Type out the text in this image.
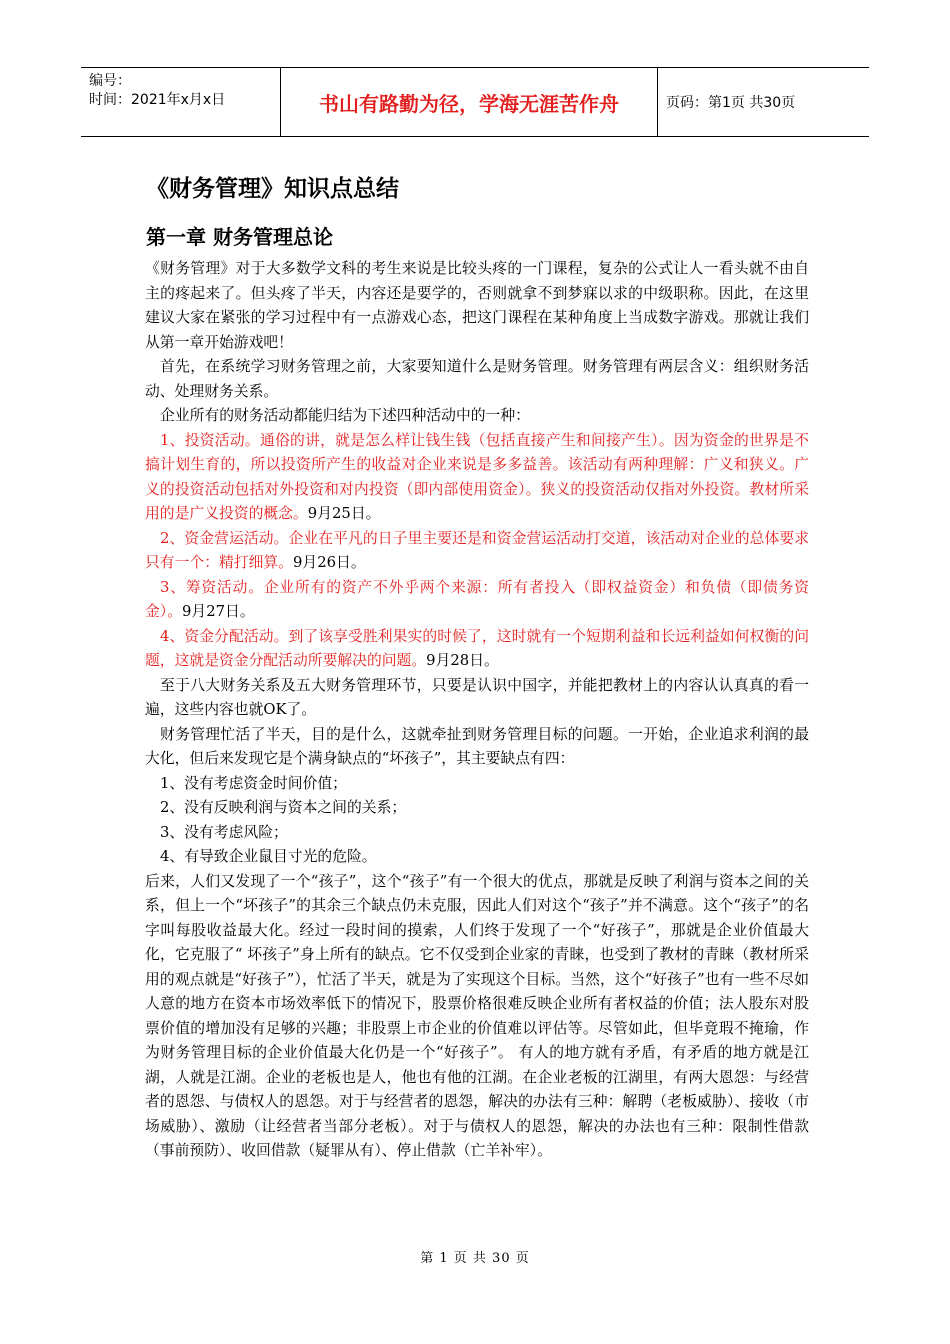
编号：
时间：2021年x月x日	书山有路勤为径，学海无涯苦作舟	页码：第1页 共30页
《财务管理》知识点总结
第一章 财务管理总论

《财务管理》对于大多数学文科的考生来说是比较头疼的一门课程，复杂的公式让人一看头就不由自主的疼起来了。但头疼了半天，内容还是要学的，否则就拿不到梦寐以求的中级职称。因此，在这里建议大家在紧张的学习过程中有一点游戏心态，把这门课程在某种角度上当成数字游戏。那就让我们从第一章开始游戏吧！

首先，在系统学习财务管理之前，大家要知道什么是财务管理。财务管理有两层含义：组织财务活动、处理财务关系。

企业所有的财务活动都能归结为下述四种活动中的一种：

1、投资活动。通俗的讲，就是怎么样让钱生钱（包括直接产生和间接产生）。因为资金的世界是不搞计划生育的，所以投资所产生的收益对企业来说是多多益善。该活动有两种理解：广义和狭义。广义的投资活动包括对外投资和对内投资（即内部使用资金）。狭义的投资活动仅指对外投资。教材所采用的是广义投资的概念。9月25日。

2、资金营运活动。企业在平凡的日子里主要还是和资金营运活动打交道，该活动对企业的总体要求只有一个：精打细算。9月26日。

3、筹资活动。企业所有的资产不外乎两个来源：所有者投入（即权益资金）和负债（即债务资金）。9月27日。

4、资金分配活动。到了该享受胜利果实的时候了，这时就有一个短期利益和长远利益如何权衡的问题，这就是资金分配活动所要解决的问题。9月28日。

至于八大财务关系及五大财务管理环节，只要是认识中国字，并能把教材上的内容认认真真的看一遍，这些内容也就OK了。

财务管理忙活了半天，目的是什么，这就牵扯到财务管理目标的问题。一开始，企业追求利润的最大化，但后来发现它是个满身缺点的“坏孩子”，其主要缺点有四：

1、没有考虑资金时间价值；

2、没有反映利润与资本之间的关系；

3、没有考虑风险；

4、有导致企业鼠目寸光的危险。

后来，人们又发现了一个“孩子”，这个“孩子”有一个很大的优点，那就是反映了利润与资本之间的关系，但上一个“坏孩子”的其余三个缺点仍未克服，因此人们对这个“孩子”并不满意。这个“孩子”的名字叫每股收益最大化。经过一段时间的摸索，人们终于发现了一个“好孩子”，那就是企业价值最大化，它克服了“ 坏孩子”身上所有的缺点。它不仅受到企业家的青睐，也受到了教材的青睐（教材所采用的观点就是“好孩子”），忙活了半天，就是为了实现这个目标。当然，这个“好孩子”也有一些不尽如人意的地方在资本市场效率低下的情况下，股票价格很难反映企业所有者权益的价值；法人股东对股票价值的增加没有足够的兴趣；非股票上市企业的价值难以评估等。尽管如此，但毕竟瑕不掩瑜，作为财务管理目标的企业价值最大化仍是一个“好孩子”。 有人的地方就有矛盾，有矛盾的地方就是江湖，人就是江湖。企业的老板也是人，他也有他的江湖。在企业老板的江湖里，有两大恩怨：与经营者的恩怨、与债权人的恩怨。对于与经营者的恩怨，解决的办法有三种：解聘（老板威胁）、接收（市场威胁）、激励（让经营者当部分老板）。对于与债权人的恩怨，解决的办法也有三种：限制性借款（事前预防）、收回借款（疑罪从有）、停止借款（亡羊补牢）。

第 1 页 共 30 页
